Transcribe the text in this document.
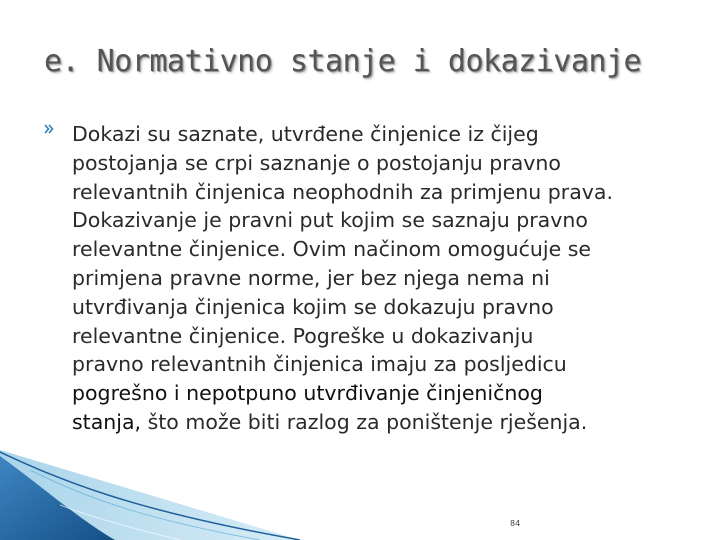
e. Normativno stanje i dokazivanje

Dokazi su saznate, utvrđene činjenice iz čijeg
postojanja se crpi saznanje o postojanju pravno
relevantnih činjenica neophodnih za primjenu prava.
Dokazivanje je pravni put kojim se saznaju pravno
relevantne činjenice. Ovim načinom omogućuje se
primjena pravne norme, jer bez njega nema ni
utvrđivanja činjenica kojim se dokazuju pravno
relevantne činjenice. Pogreške u dokazivanju
pravno relevantnih činjenica imaju za posljedicu
pogrešno i nepotpuno utvrđivanje činjeničnog
stanja, što može biti razlog za poništenje rješenja.

84
